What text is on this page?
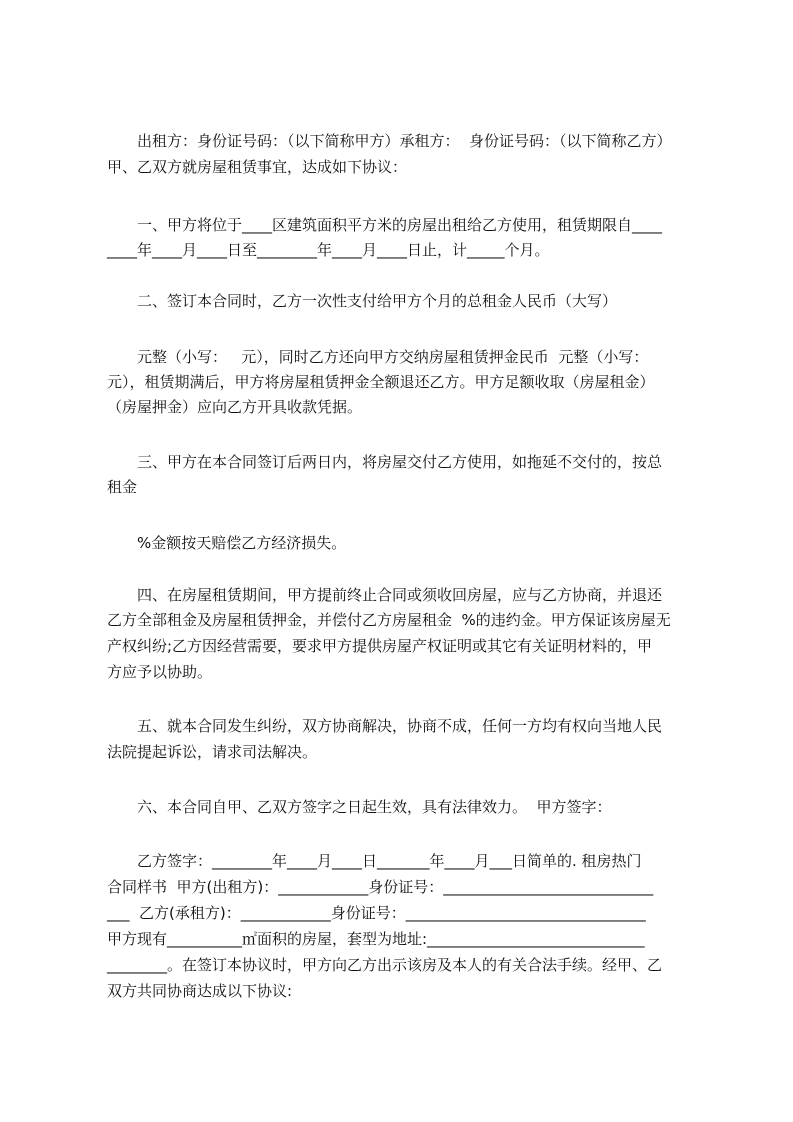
出租方：身份证号码：（以下简称甲方）承租方：  身份证号码：（以下简称乙方）
甲、乙双方就房屋租赁事宜，达成如下协议：
一、甲方将位于____区建筑面积平方米的房屋出租给乙方使用，租赁期限自____
____年____月____日至________年____月____日止，计_____个月。
二、签订本合同时，乙方一次性支付给甲方个月的总租金人民币（大写）
元整（小写：   元），同时乙方还向甲方交纳房屋租赁押金民币  元整（小写：
元），租赁期满后，甲方将房屋租赁押金全额退还乙方。甲方足额收取（房屋租金）
（房屋押金）应向乙方开具收款凭据。
三、甲方在本合同签订后两日内，将房屋交付乙方使用，如拖延不交付的，按总
租金
%金额按天赔偿乙方经济损失。
四、在房屋租赁期间，甲方提前终止合同或须收回房屋，应与乙方协商，并退还
乙方全部租金及房屋租赁押金，并偿付乙方房屋租金  %的违约金。甲方保证该房屋无
产权纠纷;乙方因经营需要，要求甲方提供房屋产权证明或其它有关证明材料的，甲
方应予以协助。
五、就本合同发生纠纷，双方协商解决，协商不成，任何一方均有权向当地人民
法院提起诉讼，请求司法解决。
六、本合同自甲、乙双方签字之日起生效，具有法律效力。  甲方签字：
乙方签字：________年____月____日_______年____月___日简单的. 租房热门
合同样书  甲方(出租方)：____________身份证号：____________________________
___  乙方(承租方)：____________身份证号：________________________________
甲方现有__________㎡面积的房屋，套型为地址:_____________________________
________。在签订本协议时，甲方向乙方出示该房及本人的有关合法手续。经甲、乙
双方共同协商达成以下协议:
